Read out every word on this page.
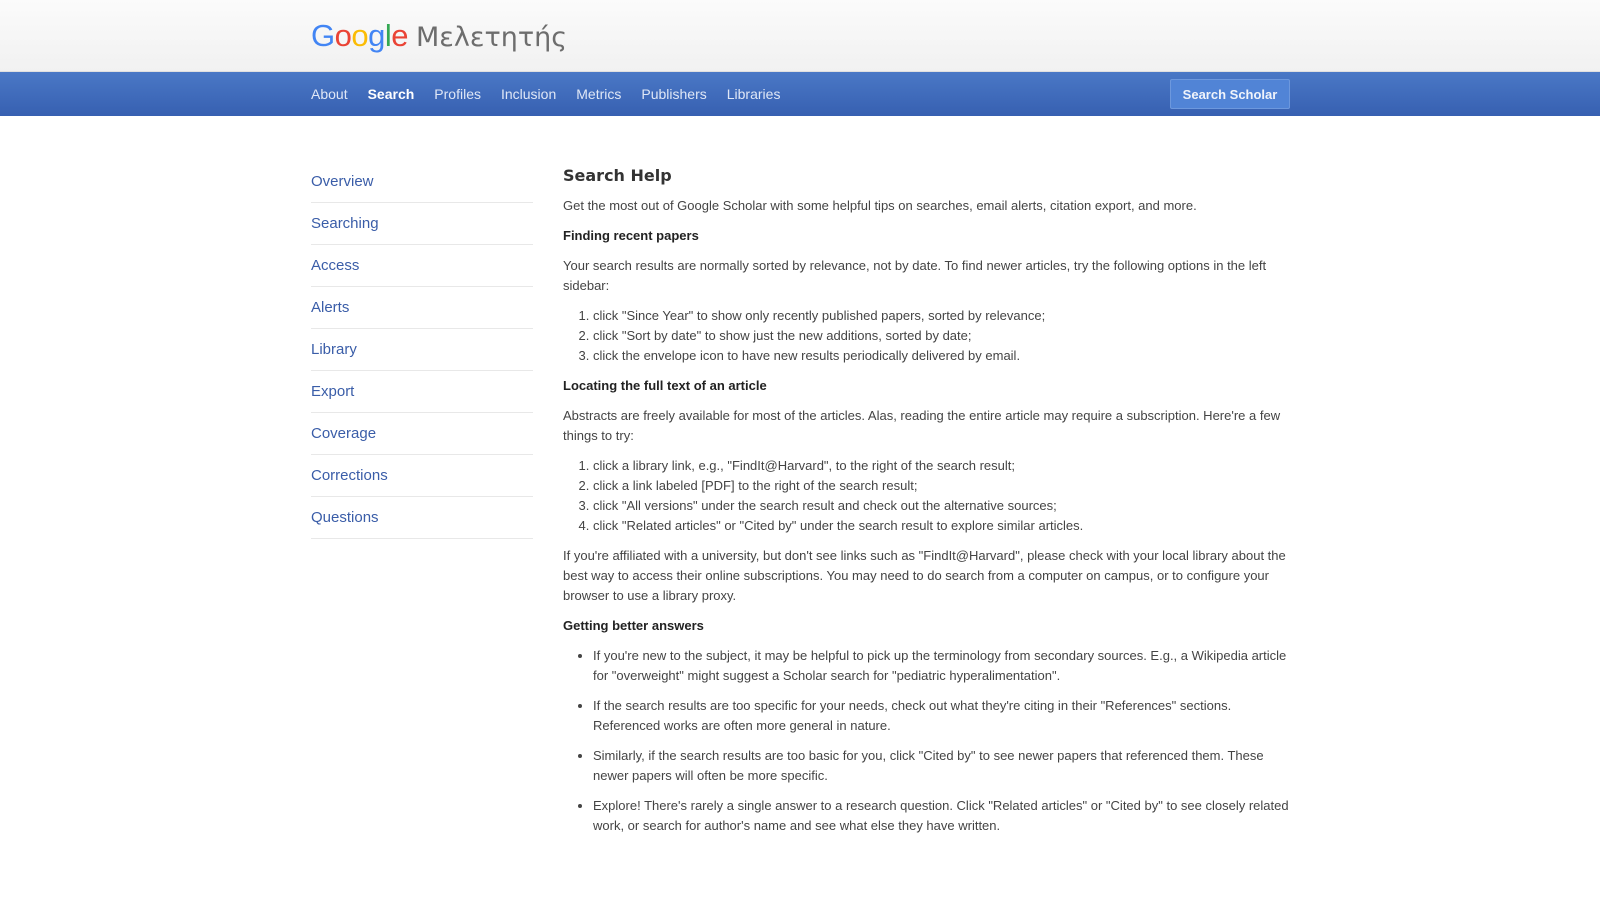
Google Μελετητής
About Search Profiles Inclusion Metrics Publishers Libraries	Search Scholar
Overview
Searching
Access
Alerts
Library
Export
Coverage
Corrections
Questions
Search Help

Get the most out of Google Scholar with some helpful tips on searches, email alerts, citation export, and more.

Finding recent papers

Your search results are normally sorted by relevance, not by date. To find newer articles, try the following options in the left sidebar:

1. click "Since Year" to show only recently published papers, sorted by relevance;
2. click "Sort by date" to show just the new additions, sorted by date;
3. click the envelope icon to have new results periodically delivered by email.
Locating the full text of an article

Abstracts are freely available for most of the articles. Alas, reading the entire article may require a subscription. Here're a few things to try:

1. click a library link, e.g., "FindIt@Harvard", to the right of the search result;
2. click a link labeled [PDF] to the right of the search result;
3. click "All versions" under the search result and check out the alternative sources;
4. click "Related articles" or "Cited by" under the search result to explore similar articles.

If you're affiliated with a university, but don't see links such as "FindIt@Harvard", please check with your local library about the best way to access their online subscriptions. You may need to do search from a computer on campus, or to configure your browser to use a library proxy.

Getting better answers
• If you're new to the subject, it may be helpful to pick up the terminology from secondary sources. E.g., a Wikipedia article for "overweight" might suggest a Scholar search for "pediatric hyperalimentation".
• If the search results are too specific for your needs, check out what they're citing in their "References" sections. Referenced works are often more general in nature.
• Similarly, if the search results are too basic for you, click "Cited by" to see newer papers that referenced them. These newer papers will often be more specific.
• Explore! There's rarely a single answer to a research question. Click "Related articles" or "Cited by" to see closely related work, or search for author's name and see what else they have written.
